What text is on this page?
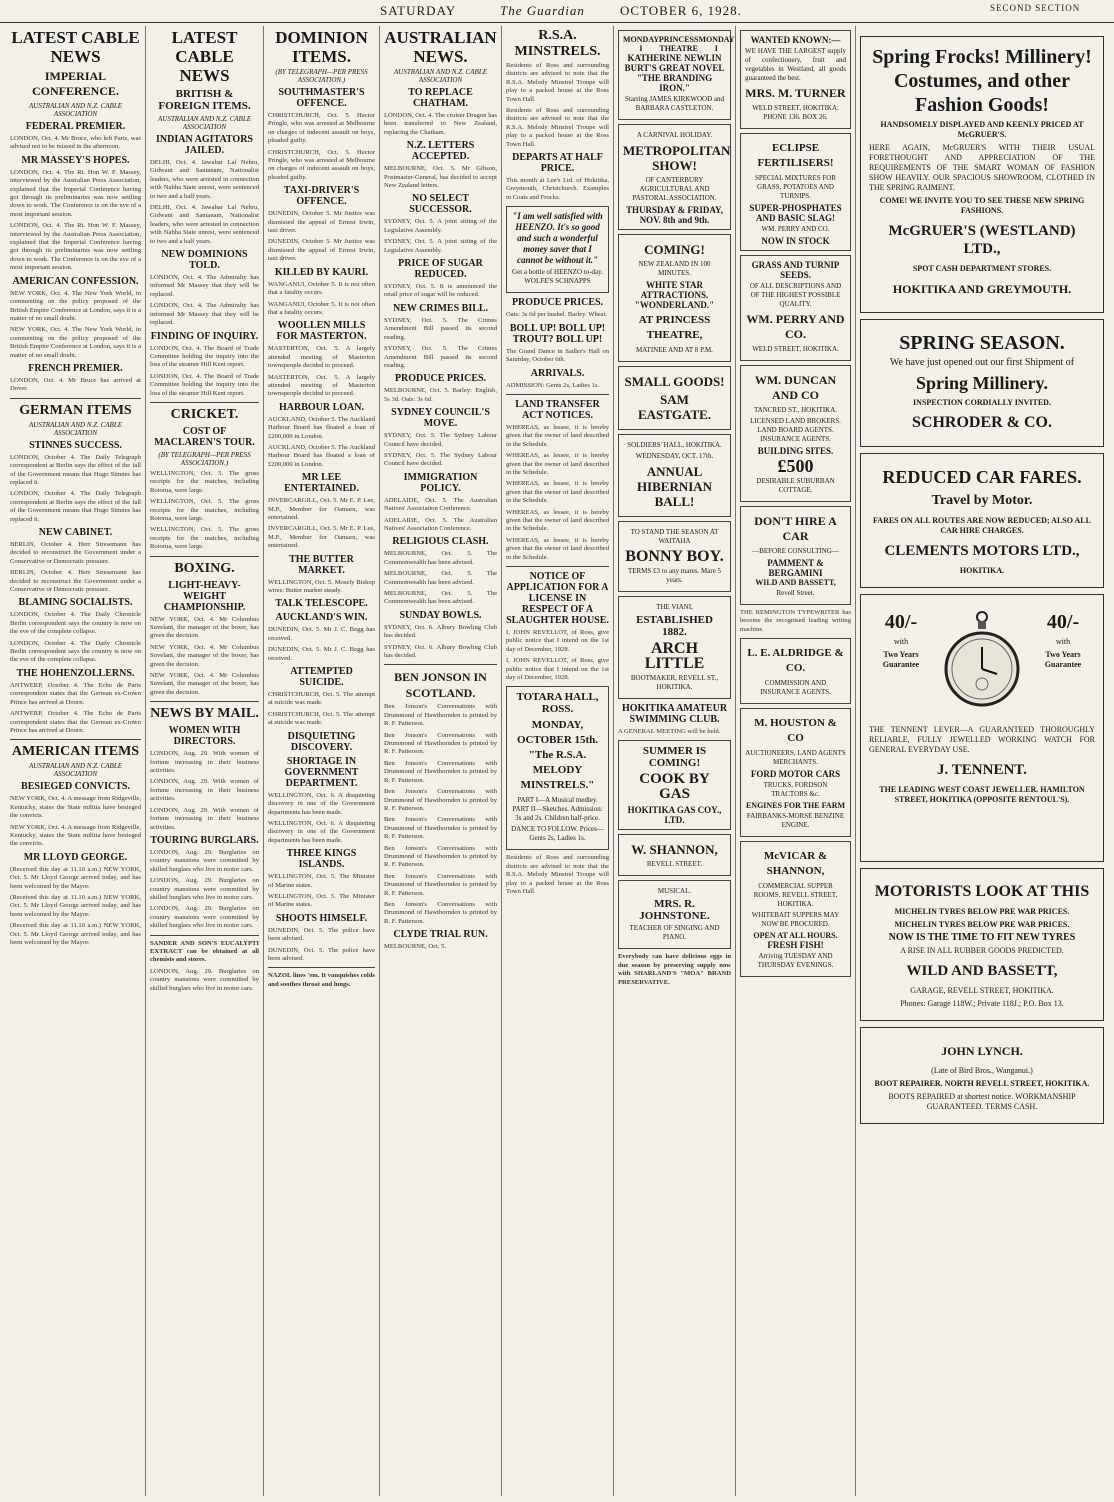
SATURDAY	The Guardian	OCTOBER 6, 1928.	SECOND SECTION
LATEST CABLE NEWS
IMPERIAL CONFERENCE.
AUSTRALIAN AND N.Z. CABLE ASSOCIATION
FEDERAL PREMIER.

LONDON, Oct. 4. Mr Bruce, who left Paris, was advised not to be missed in the afternoon.

MR MASSEY'S HOPES.

LONDON, Oct. 4. The Rt. Hon W. F. Massey, interviewed by the Australian Press Association, explained that the Imperial Conference having got through its preliminaries was now settling down to work. The Conference is on the eve of a most important session.

LONDON, Oct. 4. The Rt. Hon W. F. Massey, interviewed by the Australian Press Association, explained that the Imperial Conference having got through its preliminaries was now settling down to work. The Conference is on the eve of a most important session.

AMERICAN CONFESSION.

NEW YORK, Oct. 4. The New York World, in commenting on the policy proposed of the British Empire Conference at London, says it is a matter of no small doubt.

NEW YORK, Oct. 4. The New York World, in commenting on the policy proposed of the British Empire Conference at London, says it is a matter of no small doubt.

FRENCH PREMIER.

LONDON, Oct. 4. Mr Bruce has arrived at Dover.

GERMAN ITEMS
AUSTRALIAN AND N.Z. CABLE ASSOCIATION
STINNES SUCCESS.

LONDON, October 4. The Daily Telegraph correspondent at Berlin says the effect of the fall of the Government means that Hugo Stinnes has replaced it.

LONDON, October 4. The Daily Telegraph correspondent at Berlin says the effect of the fall of the Government means that Hugo Stinnes has replaced it.

NEW CABINET.

BERLIN, October 4. Herr Stresemann has decided to reconstruct the Government under a Conservative or Democratic pressure.

BERLIN, October 4. Herr Stresemann has decided to reconstruct the Government under a Conservative or Democratic pressure.

BLAMING SOCIALISTS.

LONDON, October 4. The Daily Chronicle Berlin correspondent says the country is now on the eve of the complete collapse.

LONDON, October 4. The Daily Chronicle Berlin correspondent says the country is now on the eve of the complete collapse.

THE HOHENZOLLERNS.

ANTWERP, October 4. The Echo de Paris correspondent states that the German ex-Crown Prince has arrived at Doorn.

ANTWERP, October 4. The Echo de Paris correspondent states that the German ex-Crown Prince has arrived at Doorn.

AMERICAN ITEMS
AUSTRALIAN AND N.Z. CABLE ASSOCIATION
BESIEGED CONVICTS.

NEW YORK, Oct. 4. A message from Ridgeville, Kentucky, states the State militia have besieged the convicts.

NEW YORK, Oct. 4. A message from Ridgeville, Kentucky, states the State militia have besieged the convicts.

MR LLOYD GEORGE.

(Received this day at 11.10 a.m.) NEW YORK, Oct. 5. Mr Lloyd George arrived today, and has been welcomed by the Mayor.

(Received this day at 11.10 a.m.) NEW YORK, Oct. 5. Mr Lloyd George arrived today, and has been welcomed by the Mayor.

(Received this day at 11.10 a.m.) NEW YORK, Oct. 5. Mr Lloyd George arrived today, and has been welcomed by the Mayor.

LATEST CABLE NEWS
BRITISH & FOREIGN ITEMS.
AUSTRALIAN AND N.Z. CABLE ASSOCIATION
INDIAN AGITATORS JAILED.

DELHI, Oct. 4. Jawahar Lal Nehru, Gidwani and Santanam, Nationalist leaders, who were arrested in connection with Nabha State unrest, were sentenced to two and a half years.

DELHI, Oct. 4. Jawahar Lal Nehru, Gidwani and Santanam, Nationalist leaders, who were arrested in connection with Nabha State unrest, were sentenced to two and a half years.

NEW DOMINIONS TOLD.

LONDON, Oct. 4. The Admiralty has informed Mr Massey that they will be replaced.

LONDON, Oct. 4. The Admiralty has informed Mr Massey that they will be replaced.

FINDING OF INQUIRY.

LONDON, Oct. 4. The Board of Trade Committee holding the inquiry into the loss of the steamer Hill Kent report.

LONDON, Oct. 4. The Board of Trade Committee holding the inquiry into the loss of the steamer Hill Kent report.

CRICKET.
COST OF MACLAREN'S TOUR.
(BY TELEGRAPH—PER PRESS ASSOCIATION.)

WELLINGTON, Oct. 5. The gross receipts for the matches, including Rotorua, were large.

WELLINGTON, Oct. 5. The gross receipts for the matches, including Rotorua, were large.

WELLINGTON, Oct. 5. The gross receipts for the matches, including Rotorua, were large.

BOXING.
LIGHT-HEAVY-WEIGHT CHAMPIONSHIP.

NEW YORK, Oct. 4. Mr Columbus Suvelant, the manager of the boxer, has given the decision.

NEW YORK, Oct. 4. Mr Columbus Suvelant, the manager of the boxer, has given the decision.

NEW YORK, Oct. 4. Mr Columbus Suvelant, the manager of the boxer, has given the decision.

NEWS BY MAIL.
WOMEN WITH DIRECTORS.

LONDON, Aug. 29. With women of fortune increasing in their business activities.

LONDON, Aug. 29. With women of fortune increasing in their business activities.

LONDON, Aug. 29. With women of fortune increasing in their business activities.

TOURING BURGLARS.

LONDON, Aug. 29. Burglaries on country mansions were committed by skilled burglars who live in motor cars.

LONDON, Aug. 29. Burglaries on country mansions were committed by skilled burglars who live in motor cars.

LONDON, Aug. 29. Burglaries on country mansions were committed by skilled burglars who live in motor cars.

SANDER AND SON'S EUCALYPTI EXTRACT can be obtained at all chemists and stores.

LONDON, Aug. 29. Burglaries on country mansions were committed by skilled burglars who live in motor cars.

DOMINION ITEMS.
(BY TELEGRAPH—PER PRESS ASSOCIATION.)
SOUTHMASTER'S OFFENCE.

CHRISTCHURCH, Oct. 5. Hector Pringle, who was arrested at Melbourne on charges of indecent assault on boys, pleaded guilty.

CHRISTCHURCH, Oct. 5. Hector Pringle, who was arrested at Melbourne on charges of indecent assault on boys, pleaded guilty.

TAXI-DRIVER'S OFFENCE.

DUNEDIN, October 5. Mr Justice was dismissed the appeal of Ernest Irwin, taxi driver.

DUNEDIN, October 5. Mr Justice was dismissed the appeal of Ernest Irwin, taxi driver.

KILLED BY KAURI.

WANGANUI, October 5. It is not often that a fatality occurs.

WANGANUI, October 5. It is not often that a fatality occurs.

WOOLLEN MILLS FOR MASTERTON.

MASTERTON, Oct. 5. A largely attended meeting of Masterton townspeople decided to proceed.

MASTERTON, Oct. 5. A largely attended meeting of Masterton townspeople decided to proceed.

HARBOUR LOAN.

AUCKLAND, October 5. The Auckland Harbour Board has floated a loan of £200,000 in London.

AUCKLAND, October 5. The Auckland Harbour Board has floated a loan of £200,000 in London.

MR LEE ENTERTAINED.

INVERCARGILL, Oct. 5. Mr E. P. Lee, M.P., Member for Oamaru, was entertained.

INVERCARGILL, Oct. 5. Mr E. P. Lee, M.P., Member for Oamaru, was entertained.

THE BUTTER MARKET.

WELLINGTON, Oct. 5. Mosely Bishop wires: Butter market steady.

TALK TELESCOPE.
AUCKLAND'S WIN.

DUNEDIN, Oct. 5. Mr J. C. Begg has received.

DUNEDIN, Oct. 5. Mr J. C. Begg has received.

ATTEMPTED SUICIDE.

CHRISTCHURCH, Oct. 5. The attempt at suicide was made.

CHRISTCHURCH, Oct. 5. The attempt at suicide was made.

DISQUIETING DISCOVERY.
SHORTAGE IN GOVERNMENT DEPARTMENT.

WELLINGTON, Oct. 6. A disquieting discovery in one of the Government departments has been made.

WELLINGTON, Oct. 6. A disquieting discovery in one of the Government departments has been made.

THREE KINGS ISLANDS.

WELLINGTON, Oct. 5. The Minister of Marine states.

WELLINGTON, Oct. 5. The Minister of Marine states.

SHOOTS HIMSELF.

DUNEDIN, Oct. 5. The police have been advised.

DUNEDIN, Oct. 5. The police have been advised.

NAZOL lines 'em. It vanquishes colds and soothes throat and lungs.

AUSTRALIAN NEWS.
AUSTRALIAN AND N.Z. CABLE ASSOCIATION
TO REPLACE CHATHAM.

LONDON, Oct. 4. The cruiser Dragon has been transferred to New Zealand, replacing the Chatham.

N.Z. LETTERS ACCEPTED.

MELBOURNE, Oct. 5. Mr Gibson, Postmaster-General, has decided to accept New Zealand letters.

NO SELECT SUCCESSOR.

SYDNEY, Oct. 5. A joint sitting of the Legislative Assembly.

SYDNEY, Oct. 5. A joint sitting of the Legislative Assembly.

PRICE OF SUGAR REDUCED.

SYDNEY, Oct. 5. It is announced the retail price of sugar will be reduced.

NEW CRIMES BILL.

SYDNEY, Oct. 5. The Crimes Amendment Bill passed its second reading.

SYDNEY, Oct. 5. The Crimes Amendment Bill passed its second reading.

PRODUCE PRICES.

MELBOURNE, Oct. 5. Barley: English, 5s 3d. Oats: 3s 6d.

SYDNEY COUNCIL'S MOVE.

SYDNEY, Oct. 5. The Sydney Labour Council have decided.

SYDNEY, Oct. 5. The Sydney Labour Council have decided.

IMMIGRATION POLICY.

ADELAIDE, Oct. 5. The Australian Natives' Association Conference.

ADELAIDE, Oct. 5. The Australian Natives' Association Conference.

RELIGIOUS CLASH.

MELBOURNE, Oct. 5. The Commonwealth has been advised.

MELBOURNE, Oct. 5. The Commonwealth has been advised.

MELBOURNE, Oct. 5. The Commonwealth has been advised.

SUNDAY BOWLS.

SYDNEY, Oct. 6. Albury Bowling Club has decided.

SYDNEY, Oct. 6. Albury Bowling Club has decided.

BEN JONSON IN SCOTLAND.

Ben Jonson's Conversations with Drummond of Hawthornden is printed by R. F. Patterson.

Ben Jonson's Conversations with Drummond of Hawthornden is printed by R. F. Patterson.

Ben Jonson's Conversations with Drummond of Hawthornden is printed by R. F. Patterson.

Ben Jonson's Conversations with Drummond of Hawthornden is printed by R. F. Patterson.

Ben Jonson's Conversations with Drummond of Hawthornden is printed by R. F. Patterson.

Ben Jonson's Conversations with Drummond of Hawthornden is printed by R. F. Patterson.

Ben Jonson's Conversations with Drummond of Hawthornden is printed by R. F. Patterson.

Ben Jonson's Conversations with Drummond of Hawthornden is printed by R. F. Patterson.

CLYDE TRIAL RUN.

MELBOURNE, Oct. 5.

R.S.A. MINSTRELS.

Residents of Ross and surrounding districts are advised to note that the R.S.A. Melody Minstrel Troupe will play to a packed house at the Ross Town Hall.

Residents of Ross and surrounding districts are advised to note that the R.S.A. Melody Minstrel Troupe will play to a packed house at the Ross Town Hall.

DEPARTS AT HALF PRICE.

This month at Lee's Ltd. of Hokitika, Greymouth, Christchurch. Examples in Coats and Frocks.

"I am well satisfied with HEENZO. It's so good and such a wonderful money saver that I cannot be without it."
Get a bottle of HEENZO to-day. WOLFE'S SCHNAPPS
PRODUCE PRICES.

Oats: 3s 6d per bushel. Barley. Wheat.

BOLL UP! BOLL UP! TROUT? BOLL UP!

The Grand Dance in Sadler's Hall on Saturday, October 6th.

ARRIVALS.

ADMISSION: Gents 2s, Ladies 1s.

LAND TRANSFER ACT NOTICES.

WHEREAS, as lessee, it is hereby given that the owner of land described in the Schedule.

WHEREAS, as lessee, it is hereby given that the owner of land described in the Schedule.

WHEREAS, as lessee, it is hereby given that the owner of land described in the Schedule.

WHEREAS, as lessee, it is hereby given that the owner of land described in the Schedule.

WHEREAS, as lessee, it is hereby given that the owner of land described in the Schedule.

NOTICE OF APPLICATION FOR A LICENSE IN RESPECT OF A SLAUGHTER HOUSE.

I, JOHN REVELLOT, of Ross, give public notice that I intend on the 1st day of December, 1928.

I, JOHN REVELLOT, of Ross, give public notice that I intend on the 1st day of December, 1928.

TOTARA HALL, ROSS.
MONDAY, OCTOBER 15th. "The R.S.A. MELODY MINSTRELS."
PART I—A Musical medley. PART II—Sketches. Admission: 3s and 2s. Children half-price.
DANCE TO FOLLOW. Prices—Gents 2s, Ladies 1s.

Residents of Ross and surrounding districts are advised to note that the R.S.A. Melody Minstrel Troupe will play to a packed house at the Ross Town Hall.

MONDAY I
PRINCESS THEATRE
MONDAY I
KATHERINE NEWLIN BURT'S GREAT NOVEL "THE BRANDING IRON."
Starring JAMES KIRKWOOD and BARBARA CASTLETON.
A CARNIVAL HOLIDAY.
METROPOLITAN SHOW!
OF CANTERBURY AGRICULTURAL AND PASTORAL ASSOCIATION.
THURSDAY & FRIDAY, NOV. 8th and 9th.
COMING!
NEW ZEALAND IN 100 MINUTES.
WHITE STAR ATTRACTIONS. "WONDERLAND."
AT PRINCESS THEATRE,
MATINEE AND AT 8 P.M.
SMALL GOODS!
SAM EASTGATE.
SOLDIERS' HALL, HOKITIKA.
WEDNESDAY, OCT. 17th.
ANNUAL HIBERNIAN BALL!
TO STAND THE SEASON AT WAITAHA
BONNY BOY.
TERMS £3 to any mares. Mare 5 years.
THE VIANI,
ESTABLISHED 1882.
ARCH LITTLE
BOOTMAKER, REVELL ST., HOKITIKA.
HOKITIKA AMATEUR SWIMMING CLUB.

A GENERAL MEETING will be held.

SUMMER IS COMING!
COOK BY GAS
HOKITIKA GAS COY., LTD.
W. SHANNON,
REVELL STREET.
MUSICAL.
MRS. R. JOHNSTONE.
TEACHER OF SINGING AND PIANO.

Everybody can have delicious eggs in due season by preserving supply now with SHARLAND'S "MOA" BRAND PRESERVATIVE.

WANTED KNOWN:—
WE HAVE THE LARGEST supply of confectionery, fruit and vegetables in Westland, all goods guaranteed the best.
MRS. M. TURNER
WELD STREET, HOKITIKA. PHONE 136. BOX 26.
ECLIPSE FERTILISERS!
SPECIAL MIXTURES FOR GRASS, POTATOES AND TURNIPS.
SUPER-PHOSPHATES AND BASIC SLAG!
WM. PERRY AND CO.
NOW IN STOCK
GRASS AND TURNIP SEEDS.
OF ALL DESCRIPTIONS AND OF THE HIGHEST POSSIBLE QUALITY.
WM. PERRY AND CO.
WELD STREET, HOKITIKA.
WM. DUNCAN AND CO
TANCRED ST., HOKITIKA.
LICENSED LAND BROKERS. LAND BOARD AGENTS. INSURANCE AGENTS.
BUILDING SITES.
£500
DESIRABLE SUBURBAN COTTAGE.
DON'T HIRE A CAR
—BEFORE CONSULTING—
PAMMENT & BERGAMINI
WILD AND BASSETT,
Revell Street.

THE REMINGTON TYPEWRITER has become the recognised leading writing machine.

L. E. ALDRIDGE & CO.
COMMISSION AND INSURANCE AGENTS.
M. HOUSTON & CO
AUCTIONEERS, LAND AGENTS MERCHANTS.
FORD MOTOR CARS
TRUCKS, FORDSON TRACTORS &c.
ENGINES FOR THE FARM
FAIRBANKS-MORSE BENZINE ENGINE.
McVICAR & SHANNON,
COMMERCIAL SUPPER ROOMS. REVELL STREET, HOKITIKA.
WHITEBAIT SUPPERS MAY NOW BE PROCURED.
OPEN AT ALL HOURS.
FRESH FISH!
Arriving TUESDAY AND THURSDAY EVENINGS.
Spring Frocks! Millinery! Costumes, and other Fashion Goods!
HANDSOMELY DISPLAYED AND KEENLY PRICED AT McGRUER'S.
HERE AGAIN, McGRUER'S WITH THEIR USUAL FORETHOUGHT AND APPRECIATION OF THE REQUIREMENTS OF THE SMART WOMAN OF FASHION SHOW HEAVILY. OUR SPACIOUS SHOWROOM, CLOTHED IN THE SPRING RAIMENT.
COME! WE INVITE YOU TO SEE THESE NEW SPRING FASHIONS.
McGRUER'S (WESTLAND) LTD.,
SPOT CASH DEPARTMENT STORES.
HOKITIKA AND GREYMOUTH.
SPRING SEASON.
We have just opened out our first Shipment of
Spring Millinery.
INSPECTION CORDIALLY INVITED.
SCHRODER & CO.
REDUCED CAR FARES.
Travel by Motor.
FARES ON ALL ROUTES ARE NOW REDUCED; ALSO ALL CAR HIRE CHARGES.
CLEMENTS MOTORS LTD.,
HOKITIKA.
40/-
with
Two Years Guarantee
40/-
with
Two Years Guarantee
THE TENNENT LEVER—A GUARANTEED THOROUGHLY RELIABLE, FULLY JEWELLED WORKING WATCH FOR GENERAL EVERYDAY USE.
J. TENNENT.
THE LEADING WEST COAST JEWELLER. HAMILTON STREET, HOKITIKA (OPPOSITE RENTOUL'S).
MOTORISTS LOOK AT THIS
MICHELIN TYRES BELOW PRE WAR PRICES.
MICHELIN TYRES BELOW PRE WAR PRICES.
NOW IS THE TIME TO FIT NEW TYRES
A RISE IN ALL RUBBER GOODS PREDICTED.
WILD AND BASSETT,
GARAGE, REVELL STREET, HOKITIKA.
Phones: Garage 118W.; Private 118J.; P.O. Box 13.
JOHN LYNCH.
(Late of Bird Bros., Wanganui.)
BOOT REPAIRER. NORTH REVELL STREET, HOKITIKA.
BOOTS REPAIRED at shortest notice. WORKMANSHIP GUARANTEED. TERMS CASH.
